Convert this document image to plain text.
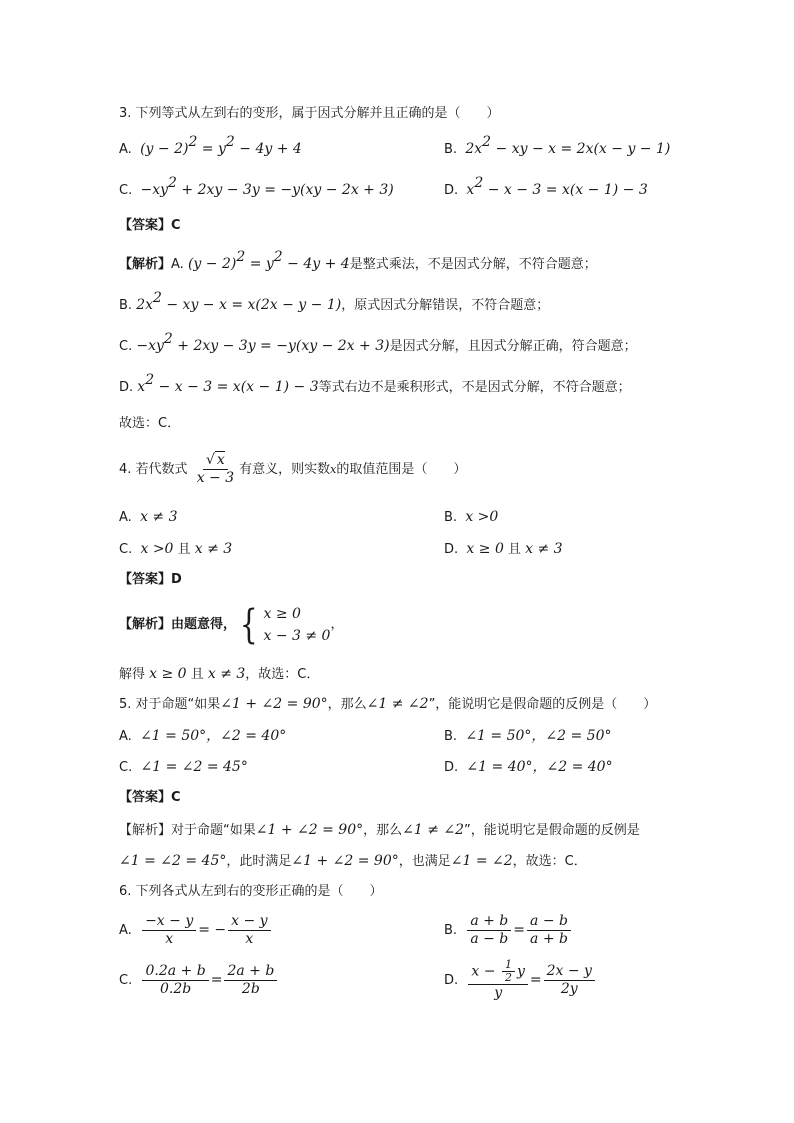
3. 下列等式从左到右的变形，属于因式分解并且正确的是（　　）
A. $(y - 2)^2 = y^2 - 4y + 4$	B. $2x^2$ − xy − x = 2x(x − y − 1)
C. $-xy^2 + 2xy - 3y = -y(xy - 2x + 3)$	D. $x^2 - x - 3 = x(x - 1) - 3$
【答案】C
【解析】A. $(y - 2)^2 = y^2 - 4y + 4$是整式乘法，不是因式分解，不符合题意；
B. $2x^2$ − xy − x = x(2x − y − 1)，原式因式分解错误，不符合题意；
C. $-xy^2 + 2xy - 3y = -y(xy - 2x + 3)$是因式分解，且因式分解正确，符合题意；
D. $x^2 - x - 3 = x(x - 1) - 3$等式右边不是乘积形式，不是因式分解，不符合题意；
故选：C．
4. 若代数式 $\frac{√ x}{x - 3}$ 有意义，则实数x的取值范围是（　　）
A.  x ≠ 3	B.  x >0
C.  x >0 且 x ≠ 3	D.  x ≥ 0 且 x ≠ 3
【答案】D
【解析】由题意得，{ x ≥ 0
x − 3 ≠ 0
，
解得 x ≥ 0 且 x ≠ 3，故选：C．
5. 对于命题“如果∠1 + ∠2 = 90°，那么∠1 ≠ ∠2”，能说明它是假命题的反例是（　　）
A.  ∠1 = 50°，∠2 = 40°	B.  ∠1 = 50°，∠2 = 50°
C.  ∠1 = ∠2 = 45°	D.  ∠1 = 40°，∠2 = 40°
【答案】C
【解析】对于命题“如果∠1 + ∠2 = 90°，那么∠1 ≠ ∠2”，能说明它是假命题的反例是
∠1 = ∠2 = 45°，此时满足∠1 + ∠2 = 90°，也满足∠1 = ∠2，故选：C．
6. 下列各式从左到右的变形正确的是（　　）
A. $\frac{-x - y}{x}$ = − $\frac{x - y}{x}$	B. $\frac{a + b}{a - b} = \frac{a - b}{a + b}$
C. $\frac{0.2a + b}{0.2b} = \frac{2a + b}{2b}$	D. $\frac{x - \frac{1}{2} y}{y} = \frac{2x - y}{2y}$
